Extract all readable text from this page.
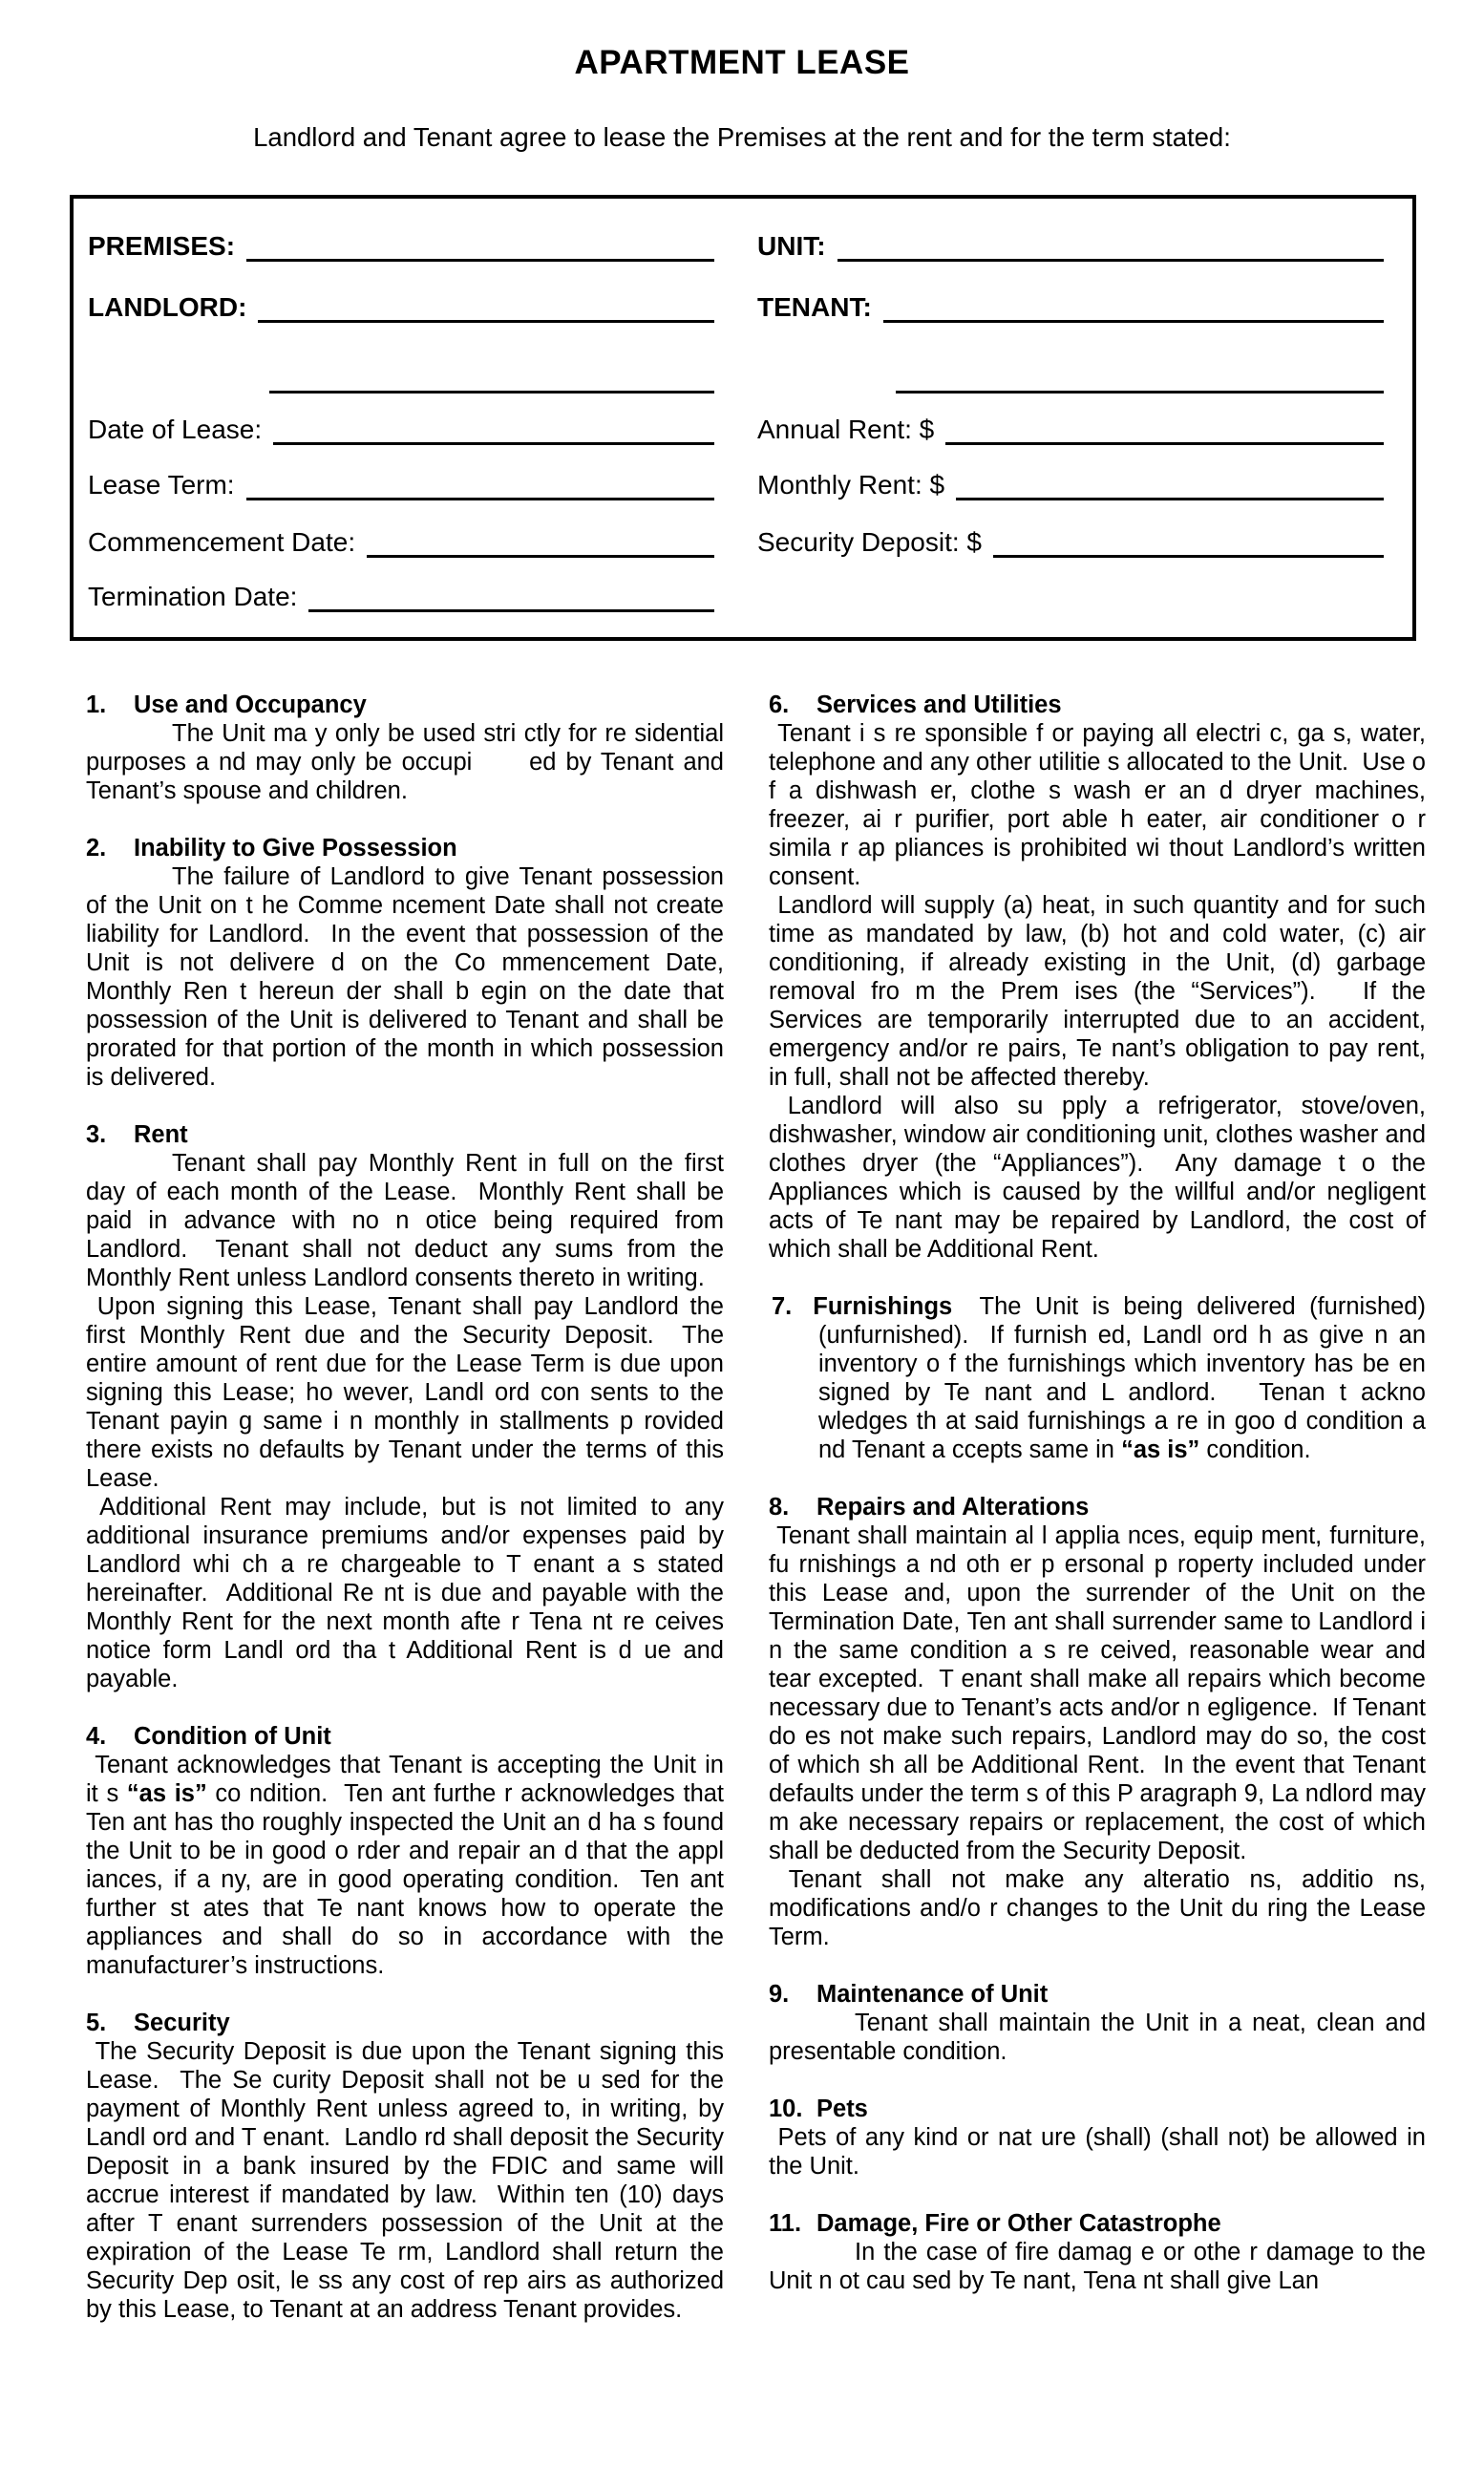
APARTMENT LEASE
Landlord and Tenant agree to lease the Premises at the rent and for the term stated:
PREMISES:	UNIT:
LANDLORD:	TENANT:
Date of Lease:	Annual Rent: $
Lease Term:	Monthly Rent: $
Commencement Date:	Security Deposit: $
Termination Date:
1. Use and Occupancy
The Unit ma y only be used stri ctly for re sidential purposes a nd may only be occupi      ed by Tenant and Tenant’s spouse and children.
2. Inability to Give Possession
The failure of Landlord to give Tenant possession of the Unit on t he Comme ncement Date shall not create liability for Landlord.  In the event that possession of the Unit is not delivere d on the Co mmencement Date, Monthly Ren t hereun der shall b egin on the date that possession of the Unit is delivered to Tenant and shall be prorated for that portion of the month in which possession is delivered.
3. Rent
Tenant shall pay Monthly Rent in full on the first day of each month of the Lease.  Monthly Rent shall be paid in advance with no n otice being required from Landlord.  Tenant shall not deduct any sums from the Monthly Rent unless Landlord consents thereto in writing.
Upon signing this Lease, Tenant shall pay Landlord the first Monthly Rent due and the Security Deposit.  The entire amount of rent due for the Lease Term is due upon signing this Lease; ho wever, Landl ord con sents to the Tenant payin g same i n monthly in stallments p rovided there exists no defaults by Tenant under the terms of this Lease.
Additional Rent may include, but is not limited to any additional insurance premiums and/or expenses paid by Landlord whi ch a re chargeable to T enant a s stated hereinafter.  Additional Re nt is due and payable with the Monthly Rent for the next month afte r Tena nt re ceives notice form Landl ord tha t Additional Rent is d ue and payable.
4. Condition of Unit
Tenant acknowledges that Tenant is accepting the Unit in it s “as is” co ndition.  Ten ant furthe r acknowledges that Ten ant has tho roughly inspected the Unit an d ha s found the Unit to be in good o rder and repair an d that the appl iances, if a ny, are in good operating condition.  Ten ant further st ates that Te nant knows how to operate the appliances and shall do so in accordance with the manufacturer’s instructions.
5. Security
The Security Deposit is due upon the Tenant signing this Lease.  The Se curity Deposit shall not be u sed for the payment of Monthly Rent unless agreed to, in writing, by Landl ord and T enant.  Landlo rd shall deposit the Security Deposit in a bank insured by the FDIC and same will accrue interest if mandated by law.  Within ten (10) days after T enant surrenders possession of the Unit at the expiration of the Lease Te rm, Landlord shall return the Security Dep osit, le ss any cost of rep airs as authorized by this Lease, to Tenant at an address Tenant provides.
6. Services and Utilities
Tenant i s re sponsible f or paying all electri c, ga s, water, telephone and any other utilitie s allocated to the Unit.  Use o f a dishwash er, clothe s wash er an d dryer machines, freezer, ai r purifier, port able h eater, air conditioner o r simila r ap pliances is prohibited wi thout Landlord’s written consent.
Landlord will supply (a) heat, in such quantity and for such time as mandated by law, (b) hot and cold water, (c) air conditioning, if already existing in the Unit, (d) garbage removal fro m the Prem ises (the “Services”).   If the Services are temporarily interrupted due to an accident, emergency and/or re pairs, Te nant’s obligation to pay rent, in full, shall not be affected thereby.
Landlord will also su pply a refrigerator, stove/oven, dishwasher, window air conditioning unit, clothes washer and clothes dryer (the “Appliances”).  Any damage t o the Appliances which is caused by the willful and/or negligent acts of Te nant may be repaired by Landlord, the cost of which shall be Additional Rent.
7. Furnishings  The Unit is being delivered (furnished) (unfurnished).  If furnish ed, Landl ord h as give n an inventory o f the furnishings which inventory has be en signed by Te nant and L andlord.   Tenan t ackno wledges th at said furnishings a re in goo d condition a nd Tenant a ccepts same in “as is” condition.
8. Repairs and Alterations
Tenant shall maintain al l applia nces, equip ment, furniture, fu rnishings a nd oth er p ersonal p roperty included under this Lease and, upon the surrender of the Unit on the Termination Date, Ten ant shall surrender same to Landlord i n the same condition a s re ceived, reasonable wear and tear excepted.  T enant shall make all repairs which become necessary due to Tenant’s acts and/or n egligence.  If Tenant do es not make such repairs, Landlord may do so, the cost of which sh all be Additional Rent.  In the event that Tenant defaults under the term s of this P aragraph 9, La ndlord may m ake necessary repairs or replacement, the cost of which shall be deducted from the Security Deposit.
Tenant shall not make any alteratio ns, additio ns, modifications and/o r changes to the Unit du ring the Lease Term.
9. Maintenance of Unit
Tenant shall maintain the Unit in a neat, clean and presentable condition.
10. Pets
Pets of any kind or nat ure (shall) (shall not) be allowed in the Unit.
11. Damage, Fire or Other Catastrophe
In the case of fire damag e or othe r damage to the Unit n ot cau sed by Te nant, Tena nt shall give Lan
